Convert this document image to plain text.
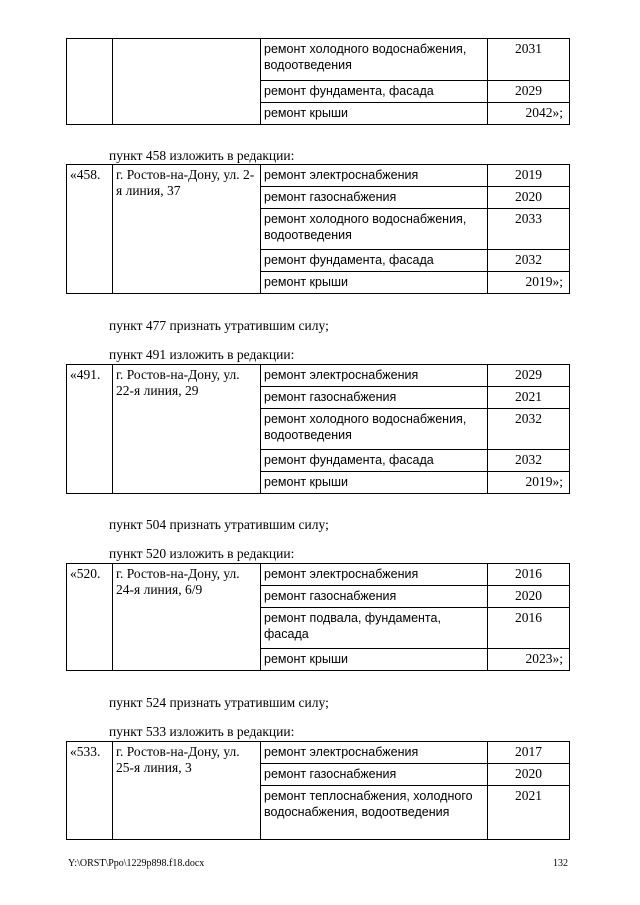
		ремонт холодного водоснабжения, водоотведения	2031
		ремонт фундамента, фасада	2029
		ремонт крыши	2042»;
пункт 458 изложить в редакции:
«458.	г. Ростов-на-Дону, ул. 2-я линия, 37	ремонт электроснабжения	2019
		ремонт газоснабжения	2020
		ремонт холодного водоснабжения, водоотведения	2033
		ремонт фундамента, фасада	2032
		ремонт крыши	2019»;
пункт 477 признать утратившим силу;
пункт 491 изложить в редакции:
«491.	г. Ростов-на-Дону, ул. 22-я линия, 29	ремонт электроснабжения	2029
		ремонт газоснабжения	2021
		ремонт холодного водоснабжения, водоотведения	2032
		ремонт фундамента, фасада	2032
		ремонт крыши	2019»;
пункт 504 признать утратившим силу;
пункт 520 изложить в редакции:
«520.	г. Ростов-на-Дону, ул. 24-я линия, 6/9	ремонт электроснабжения	2016
		ремонт газоснабжения	2020
		ремонт подвала, фундамента, фасада	2016
		ремонт крыши	2023»;
пункт 524 признать утратившим силу;
пункт 533 изложить в редакции:
«533.	г. Ростов-на-Дону, ул. 25-я линия, 3	ремонт электроснабжения	2017
		ремонт газоснабжения	2020
		ремонт теплоснабжения, холодного водоснабжения, водоотведения	2021
Y:\ORST\Ppo\1229p898.f18.docx	132
